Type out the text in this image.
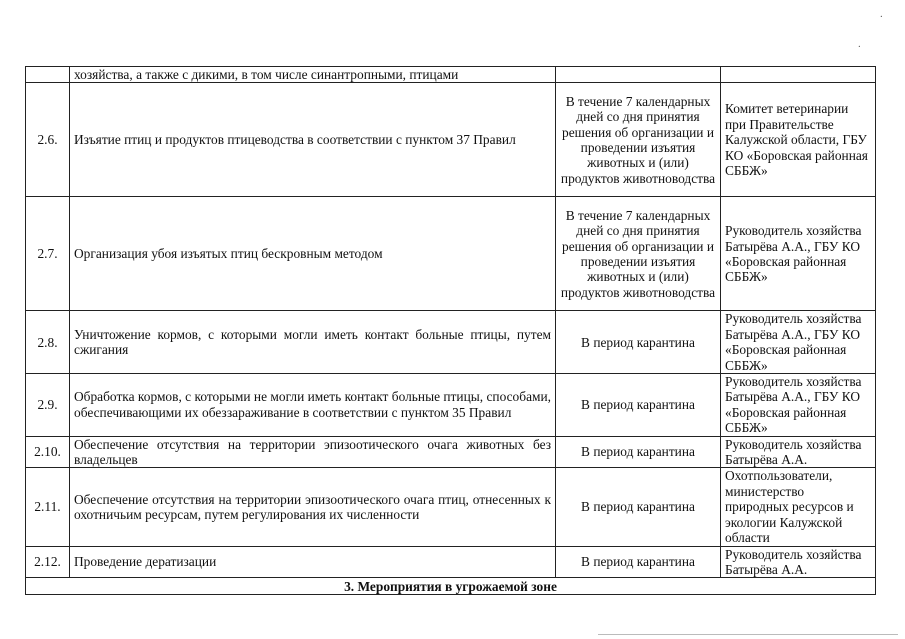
.
.
	хозяйства, а также с дикими, в том числе синантропными, птицами		
2.6.	Изъятие птиц и продуктов птицеводства в соответствии с пунктом 37 Правил	В течение 7 календарных дней со дня принятия решения об организации и проведении изъятия животных и (или) продуктов животноводства	Комитет ветеринарии при Правительстве Калужской области, ГБУ КО «Боровская районная СББЖ»
2.7.	Организация убоя изъятых птиц бескровным методом	В течение 7 календарных дней со дня принятия решения об организации и проведении изъятия животных и (или) продуктов животноводства	Руководитель хозяйства Батырёва А.А., ГБУ КО «Боровская районная СББЖ»
2.8.	Уничтожение кормов, с которыми могли иметь контакт больные птицы, путем сжигания	В период карантина	Руководитель хозяйства Батырёва А.А., ГБУ КО «Боровская районная СББЖ»
2.9.	Обработка кормов, с которыми не могли иметь контакт больные птицы, способами, обеспечивающими их обеззараживание в соответствии с пунктом 35 Правил	В период карантина	Руководитель хозяйства Батырёва А.А., ГБУ КО «Боровская районная СББЖ»
2.10.	Обеспечение отсутствия на территории эпизоотического очага животных без владельцев	В период карантина	Руководитель хозяйства Батырёва А.А.
2.11.	Обеспечение отсутствия на территории эпизоотического очага птиц, отнесенных к охотничьим ресурсам, путем регулирования их численности	В период карантина	Охотпользователи, министерство природных ресурсов и экологии Калужской области
2.12.	Проведение дератизации	В период карантина	Руководитель хозяйства Батырёва А.А.
3. Мероприятия в угрожаемой зоне			
